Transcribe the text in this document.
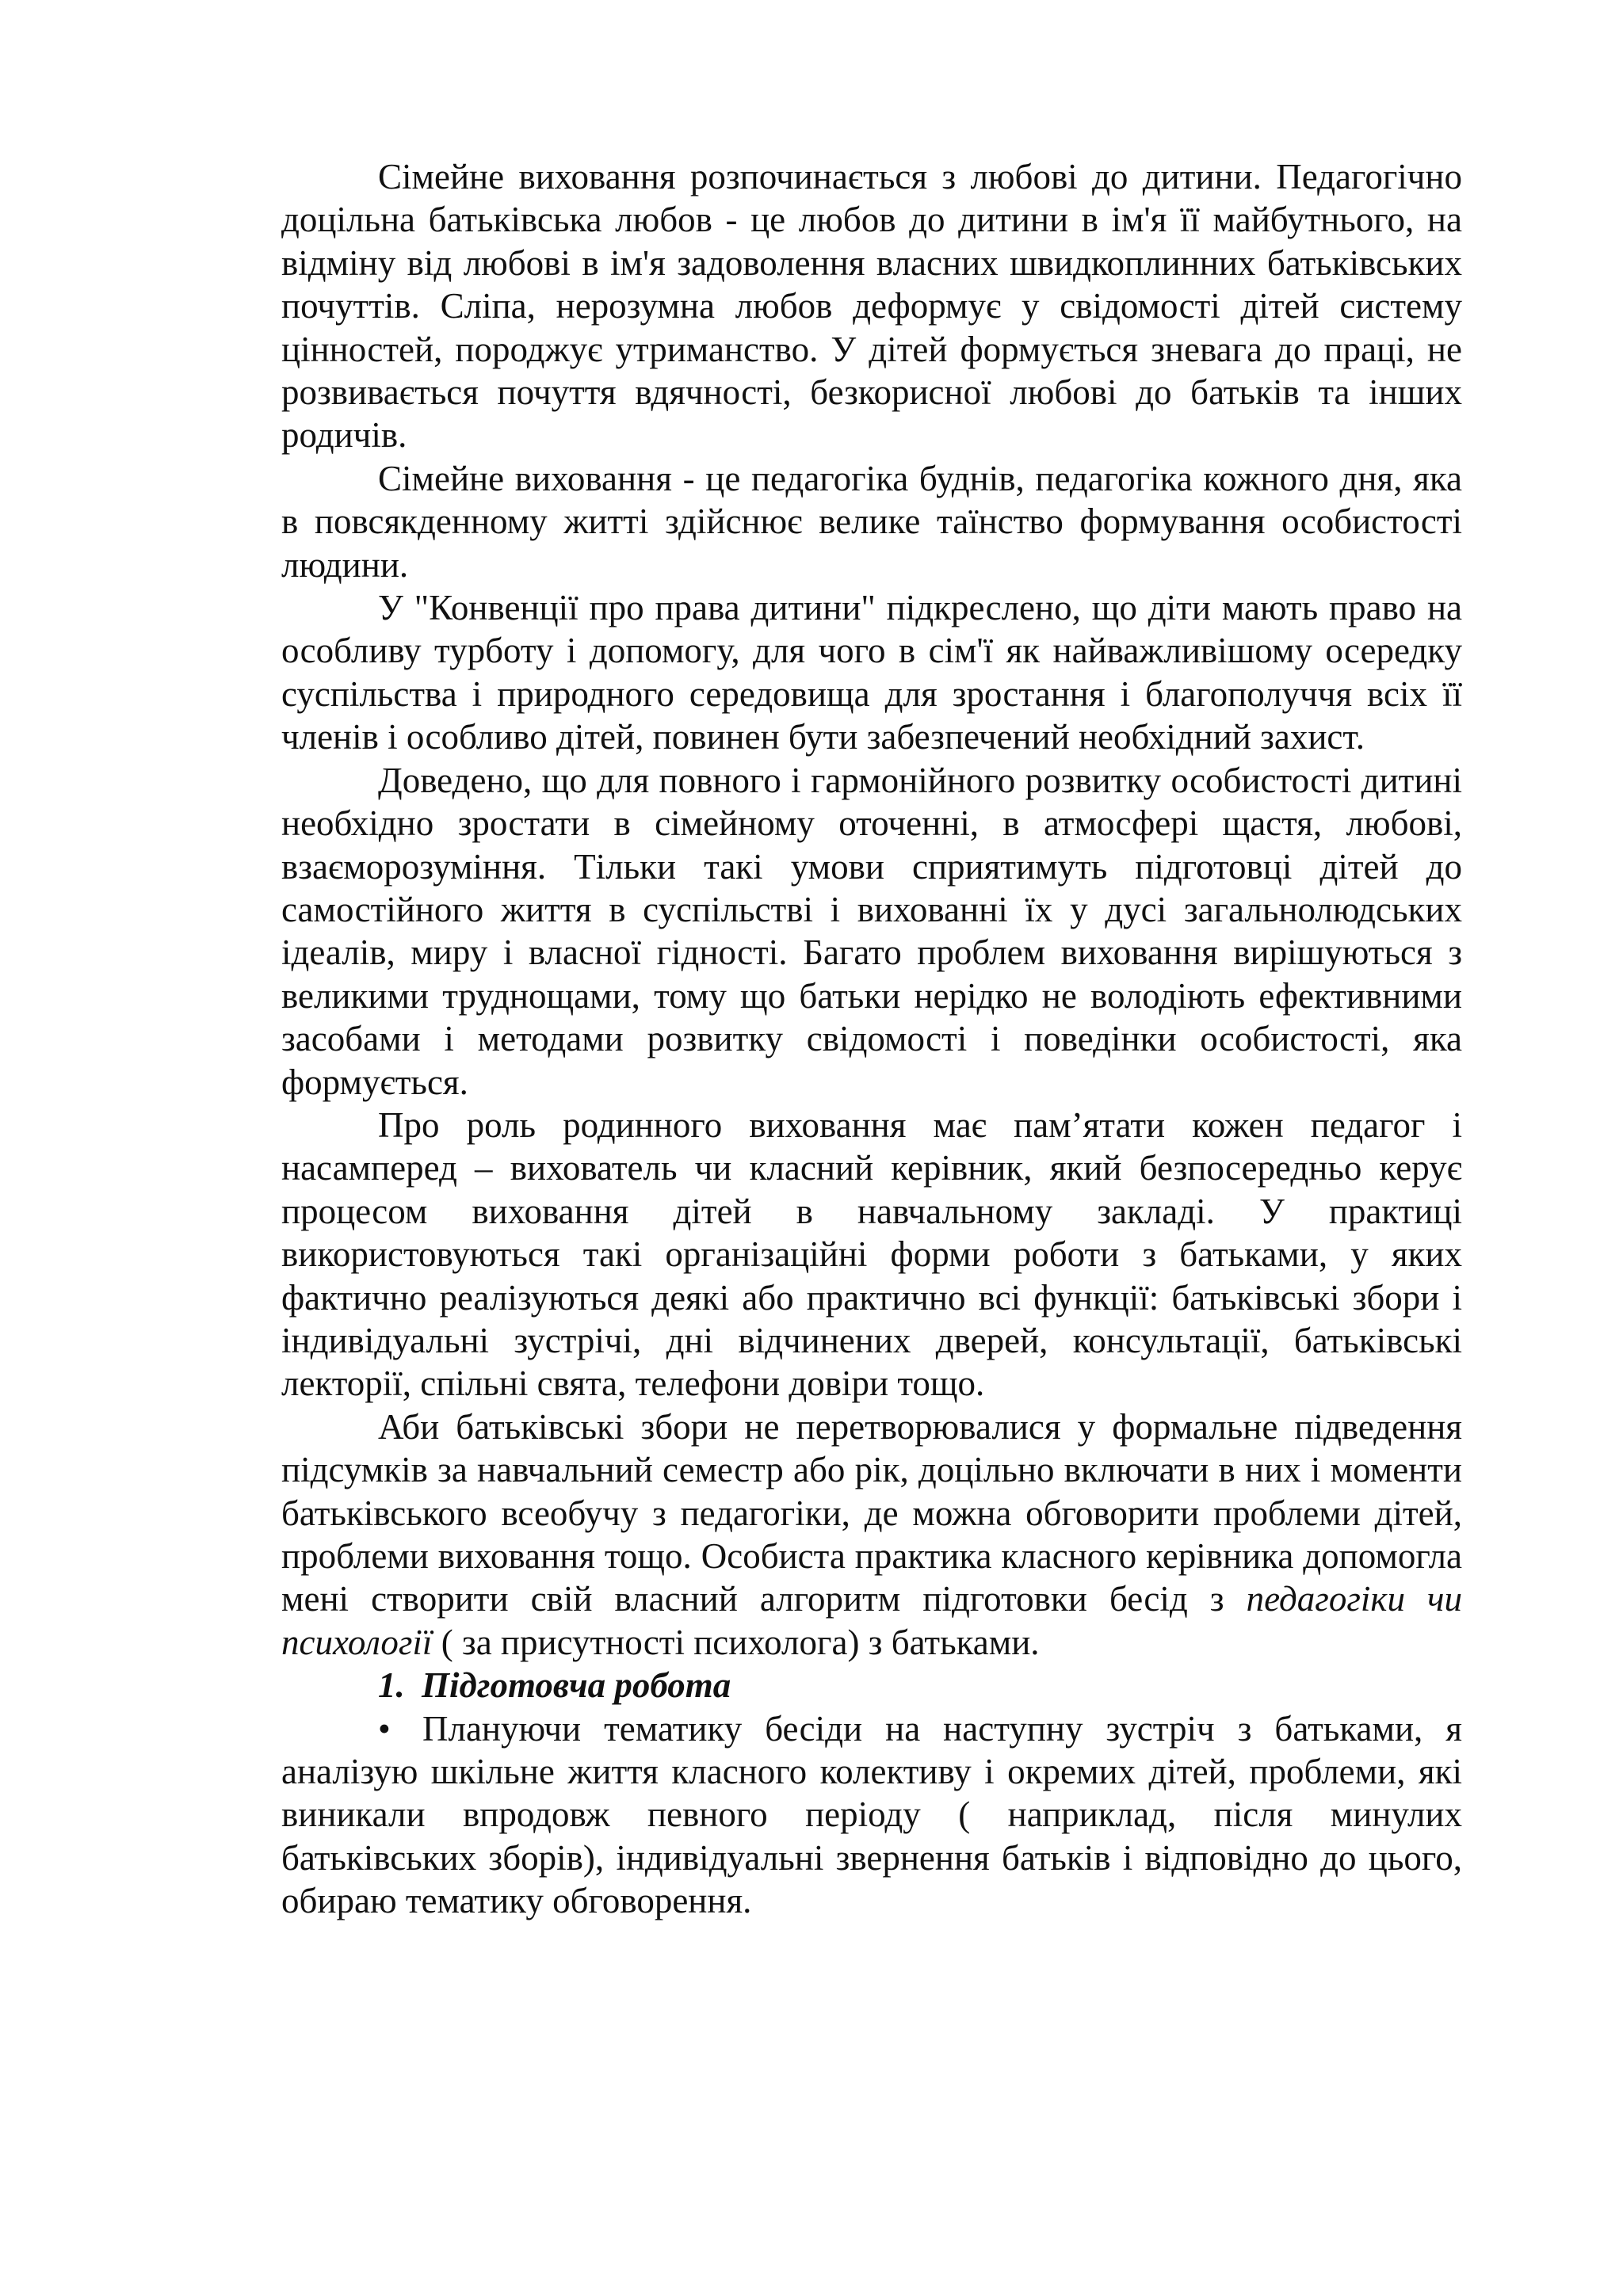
Сімейне виховання розпочинається з любові до дитини. Педагогічно доцільна батьківська любов - це любов до дитини в ім'я її майбутнього, на відміну від любові в ім'я задоволення власних швидкоплинних батьківських почуттів. Сліпа, нерозумна любов деформує у свідомості дітей систему цінностей, породжує утриманство. У дітей формується зневага до праці, не розвивається почуття вдячності, безкорисної любові до батьків та інших родичів.

Сімейне виховання - це педагогіка буднів, педагогіка кожного дня, яка в повсякденному житті здійснює велике таїнство формування особистості людини.

У "Конвенції про права дитини" підкреслено, що діти мають право на особливу турботу і допомогу, для чого в сім'ї як найважливішому осередку суспільства і природного середовища для зростання і благополуччя всіх її членів і особливо дітей, повинен бути забезпечений необхідний захист.

Доведено, що для повного і гармонійного розвитку особистості дитині необхідно зростати в сімейному оточенні, в атмосфері щастя, любові, взаєморозуміння. Тільки такі умови сприятимуть підготовці дітей до самостійного життя в суспільстві і вихованні їх у дусі загальнолюдських ідеалів, миру і власної гідності. Багато проблем виховання вирішуються з великими труднощами, тому що батьки нерідко не володіють ефективними засобами і методами розвитку свідомості і поведінки особистості, яка формується.

Про роль родинного виховання має пам’ятати кожен педагог і насамперед – вихователь чи класний керівник, який безпосередньо керує процесом виховання дітей в навчальному закладі. У практиці використовуються такі організаційні форми роботи з батьками, у яких фактично реалізуються деякі або практично всі функції: батьківські збори і індивідуальні зустрічі, дні відчинених дверей, консультації, батьківські лекторії, спільні свята, телефони довіри тощо.

Аби батьківські збори не перетворювалися у формальне підведення підсумків за навчальний семестр або рік, доцільно включати в них і моменти батьківського всеобучу з педагогіки, де можна обговорити проблеми дітей, проблеми виховання тощо. Особиста практика класного керівника допомогла мені створити свій власний алгоритм підготовки бесід з педагогіки чи психології ( за присутності психолога) з батьками.

1. Підготовча робота

• Плануючи тематику бесіди на наступну зустріч з батьками, я аналізую шкільне життя класного колективу і окремих дітей, проблеми, які виникали впродовж певного періоду ( наприклад, після минулих батьківських зборів), індивідуальні звернення батьків і відповідно до цього, обираю тематику обговорення.
